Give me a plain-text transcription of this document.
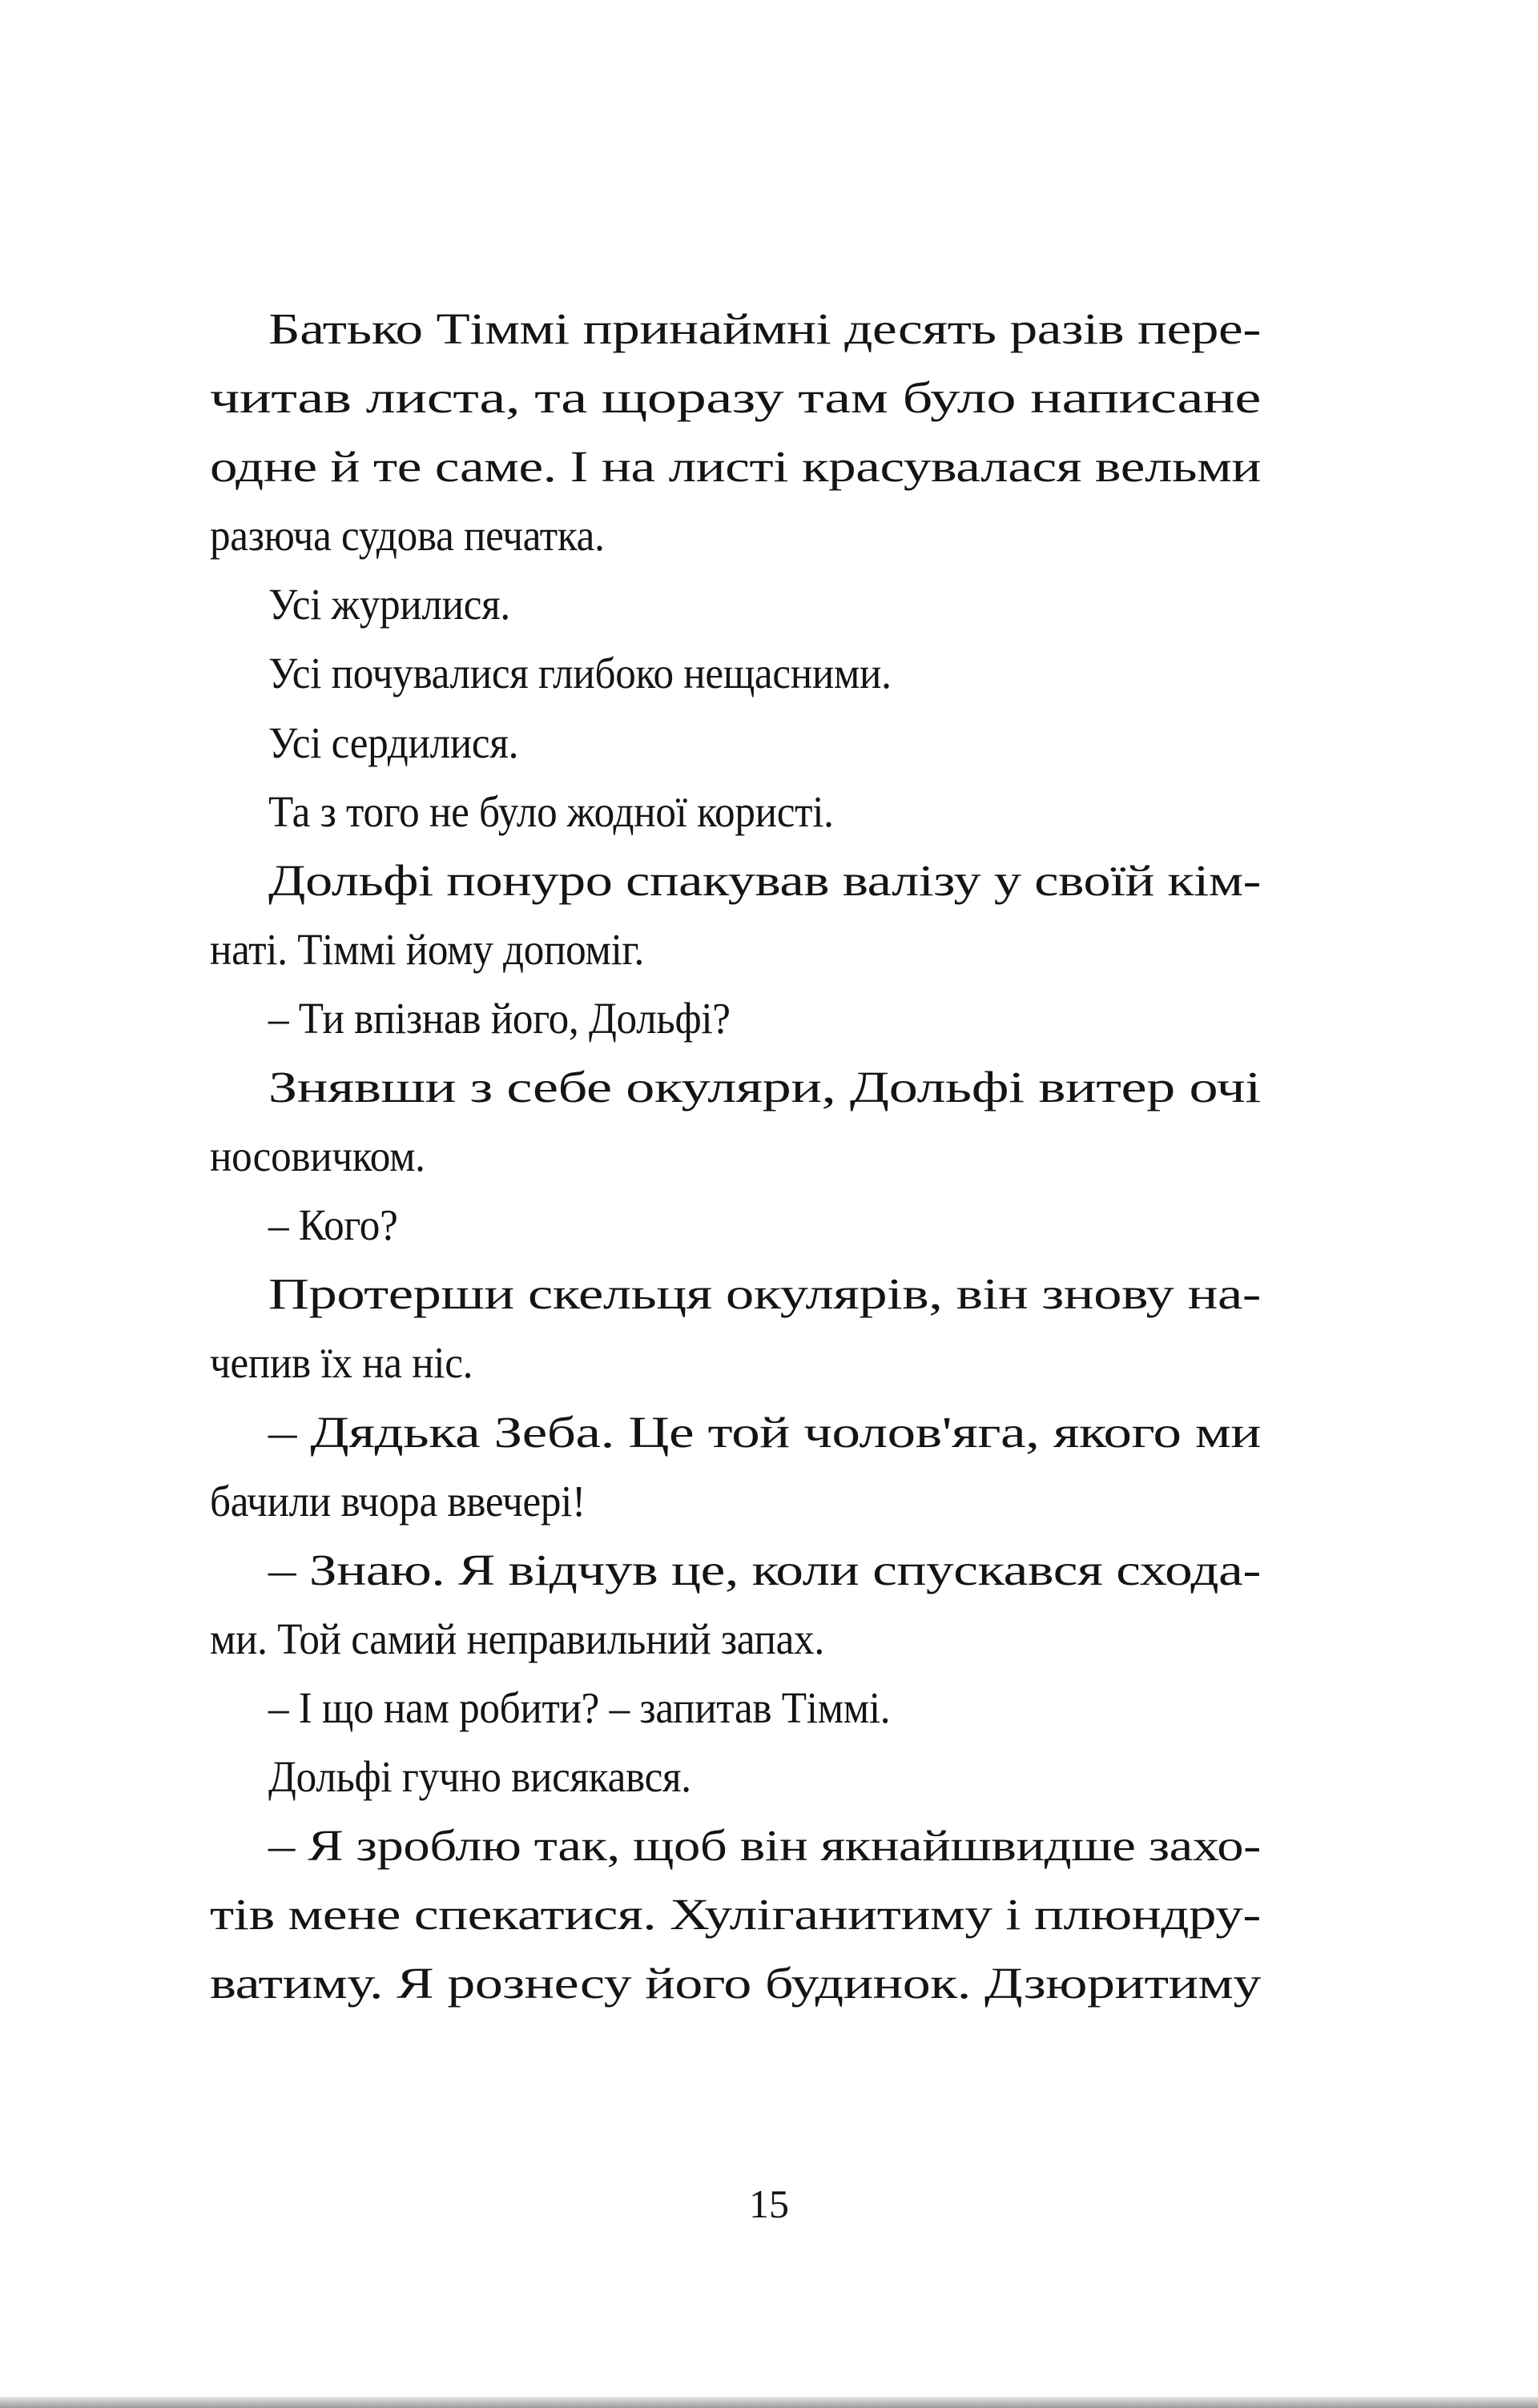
Батько Тіммі принаймні десять разів пере-
читав листа, та щоразу там було написане
одне й те саме. І на листі красувалася вельми
разюча судова печатка.
Усі журилися.
Усі почувалися глибоко нещасними.
Усі сердилися.
Та з того не було жодної користі.
Дольфі понуро спакував валізу у своїй кім-
наті. Тіммі йому допоміг.
– Ти впізнав його, Дольфі?
Знявши з себе окуляри, Дольфі витер очі
носовичком.
– Кого?
Протерши скельця окулярів, він знову на-
чепив їх на ніс.
– Дядька Зеба. Це той чолов'яга, якого ми
бачили вчора ввечері!
– Знаю. Я відчув це, коли спускався схода-
ми. Той самий неправильний запах.
– І що нам робити? – запитав Тіммі.
Дольфі гучно висякався.
– Я зроблю так, щоб він якнайшвидше захо-
тів мене спекатися. Хуліганитиму і плюндру-
ватиму. Я рознесу його будинок. Дзюритиму
15
